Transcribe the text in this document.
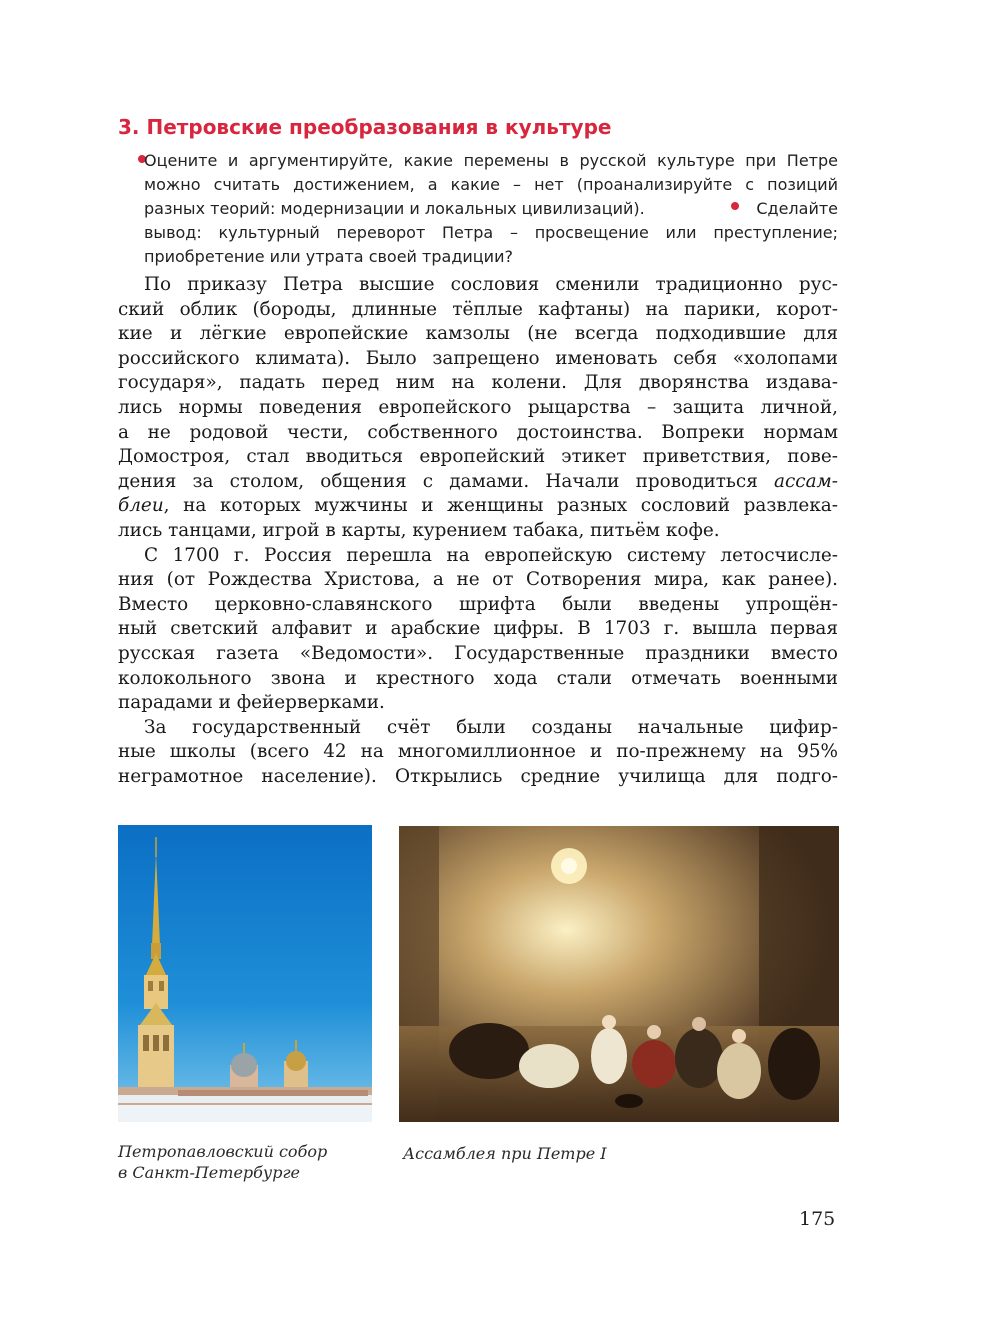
3. Петровские преобразования в культуре
Оцените и аргументируйте, какие перемены в русской культуре при Петре
можно считать достижением, а какие – нет (проанализируйте с позиций
разных теорий: модернизации и локальных цивилизаций).	Сделайте
вывод: культурный переворот Петра – просвещение или преступление;
приобретение или утрата своей традиции?
По приказу Петра высшие сословия сменили традиционно рус-
ский облик (бороды, длинные тёплые кафтаны) на парики, корот-
кие и лёгкие европейские камзолы (не всегда подходившие для
российского климата). Было запрещено именовать себя «холопами
государя», падать перед ним на колени. Для дворянства издава-
лись нормы поведения европейского рыцарства – защита личной,
а не родовой чести, собственного достоинства. Вопреки нормам
Домостроя, стал вводиться европейский этикет приветствия, пове-
дения за столом, общения с дамами. Начали проводиться ассам-
блеи, на которых мужчины и женщины разных сословий развлека-
лись танцами, игрой в карты, курением табака, питьём кофе.
С 1700 г. Россия перешла на европейскую систему летосчисле-
ния (от Рождества Христова, а не от Сотворения мира, как ранее).
Вместо церковно-славянского шрифта были введены упрощён-
ный светский алфавит и арабские цифры. В 1703 г. вышла первая
русская газета «Ведомости». Государственные праздники вместо
колокольного звона и крестного хода стали отмечать военными
парадами и фейерверками.
За государственный счёт были созданы начальные цифир-
ные школы (всего 42 на многомиллионное и по-прежнему на 95%
неграмотное население). Открылись средние училища для подго-
Петропавловский собор
в Санкт-Петербурге
Ассамблея при Петре I
175
